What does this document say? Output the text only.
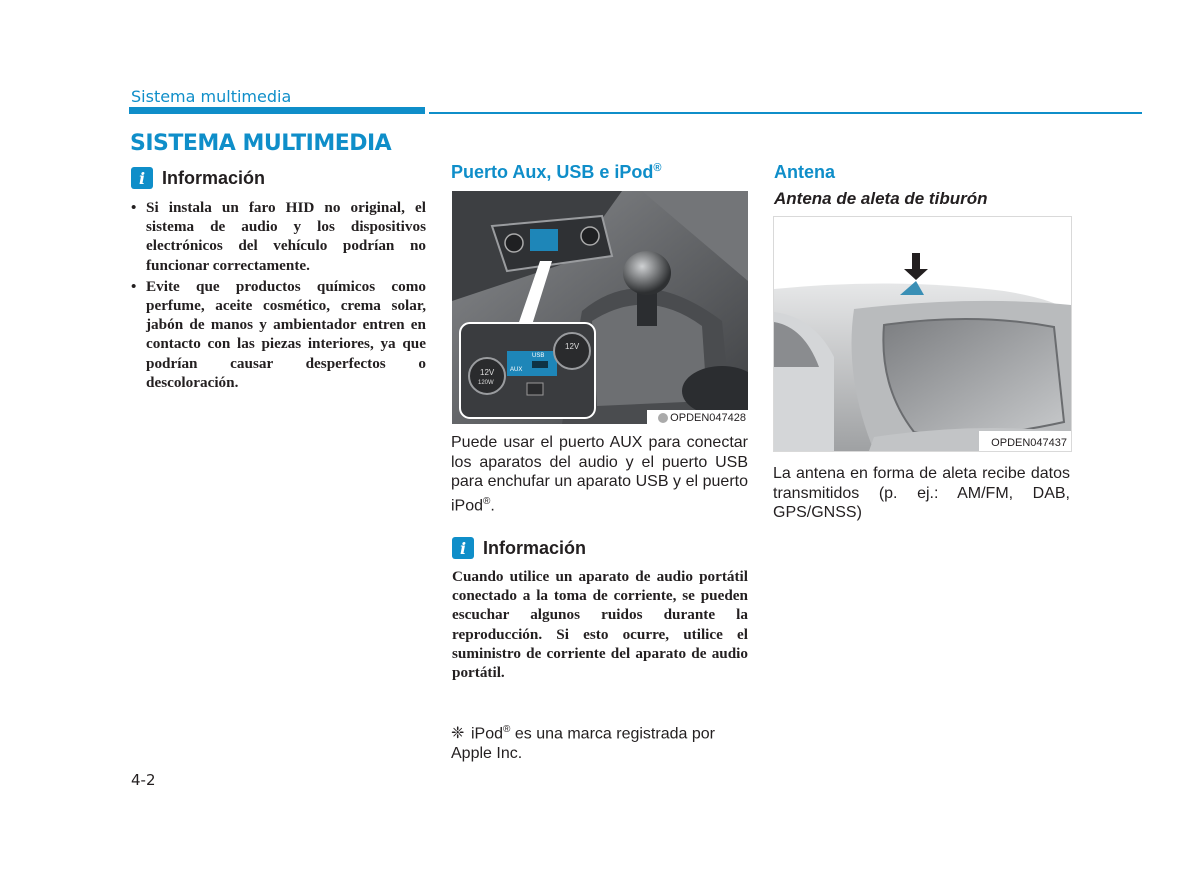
Sistema multimedia
SISTEMA MULTIMEDIA
i Información
• Si instala un faro HID no original, el sistema de audio y los dispositivos electrónicos del vehículo podrían no funcionar correctamente.
• Evite que productos químicos como perfume, aceite cosmético, crema solar, jabón de manos y ambientador entren en contacto con las piezas interiores, ya que podrían causar desperfectos o descoloración.
Puerto Aux, USB e iPod®
12V
120W
AUX
USB
12V
OPDEN047428
Puede usar el puerto AUX para conectar los aparatos del audio y el puerto USB para enchufar un aparato USB y el puerto iPod®.
i Información
Cuando utilice un aparato de audio portátil conectado a la toma de corriente, se pueden escuchar algunos ruidos durante la reproducción. Si esto ocurre, utilice el suministro de corriente del aparato de audio portátil.
❈ iPod® es una marca registrada por Apple Inc.
Antena
Antena de aleta de tiburón
OPDEN047437
La antena en forma de aleta recibe datos transmitidos (p. ej.: AM/FM, DAB, GPS/GNSS)
4-2
